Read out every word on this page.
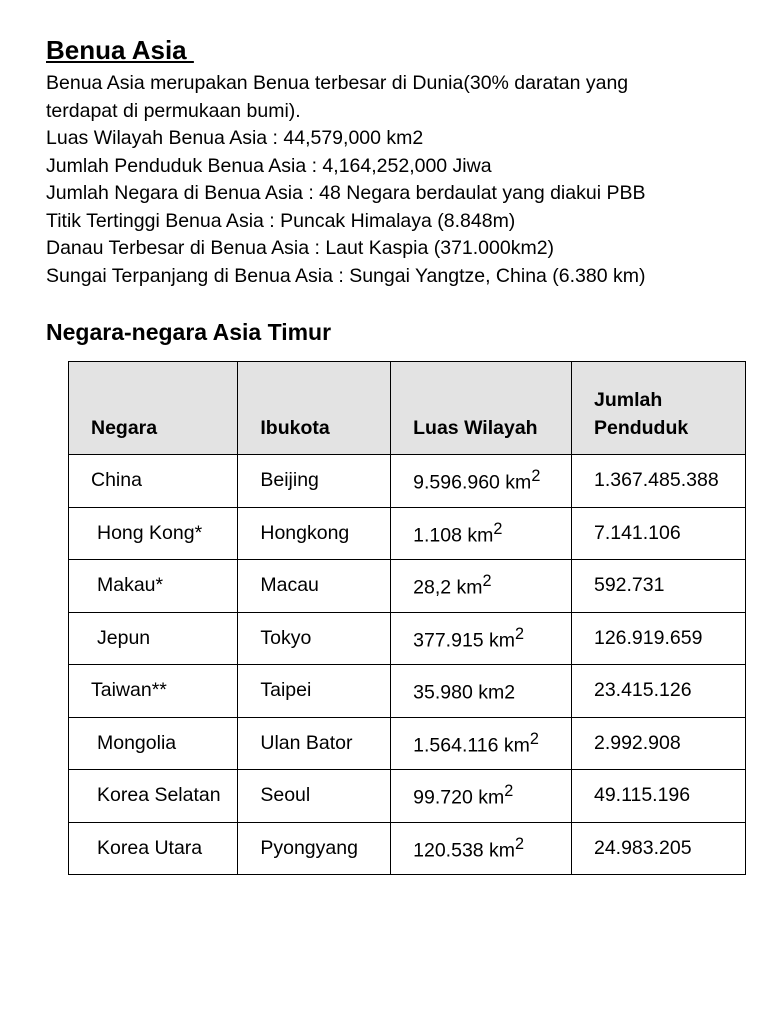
Benua Asia
Benua Asia merupakan Benua terbesar di Dunia(30% daratan yang
terdapat di permukaan bumi).
Luas Wilayah Benua Asia : 44,579,000 km2
Jumlah Penduduk Benua Asia : 4,164,252,000 Jiwa
Jumlah Negara di Benua Asia : 48 Negara berdaulat yang diakui PBB
Titik Tertinggi Benua Asia : Puncak Himalaya (8.848m)
Danau Terbesar di Benua Asia : Laut Kaspia (371.000km2)
Sungai Terpanjang di Benua Asia : Sungai Yangtze, China (6.380 km)
Negara-negara Asia Timur
Negara	Ibukota	Luas Wilayah	Jumlah
Penduduk

China	Beijing	9.596.960 $km^2$	1.367.485.388
Hong Kong*	Hongkong	1.108 $km^2$	7.141.106
Makau*	Macau	28,2 $km^2$	592.731
Jepun	Tokyo	377.915 $km^2$	126.919.659
Taiwan**	Taipei	35.980 km2	23.415.126
Mongolia	Ulan Bator	1.564.116 $km^2$	2.992.908
Korea Selatan	Seoul	99.720 $km^2$	49.115.196
Korea Utara	Pyongyang	120.538 $km^2$	24.983.205
